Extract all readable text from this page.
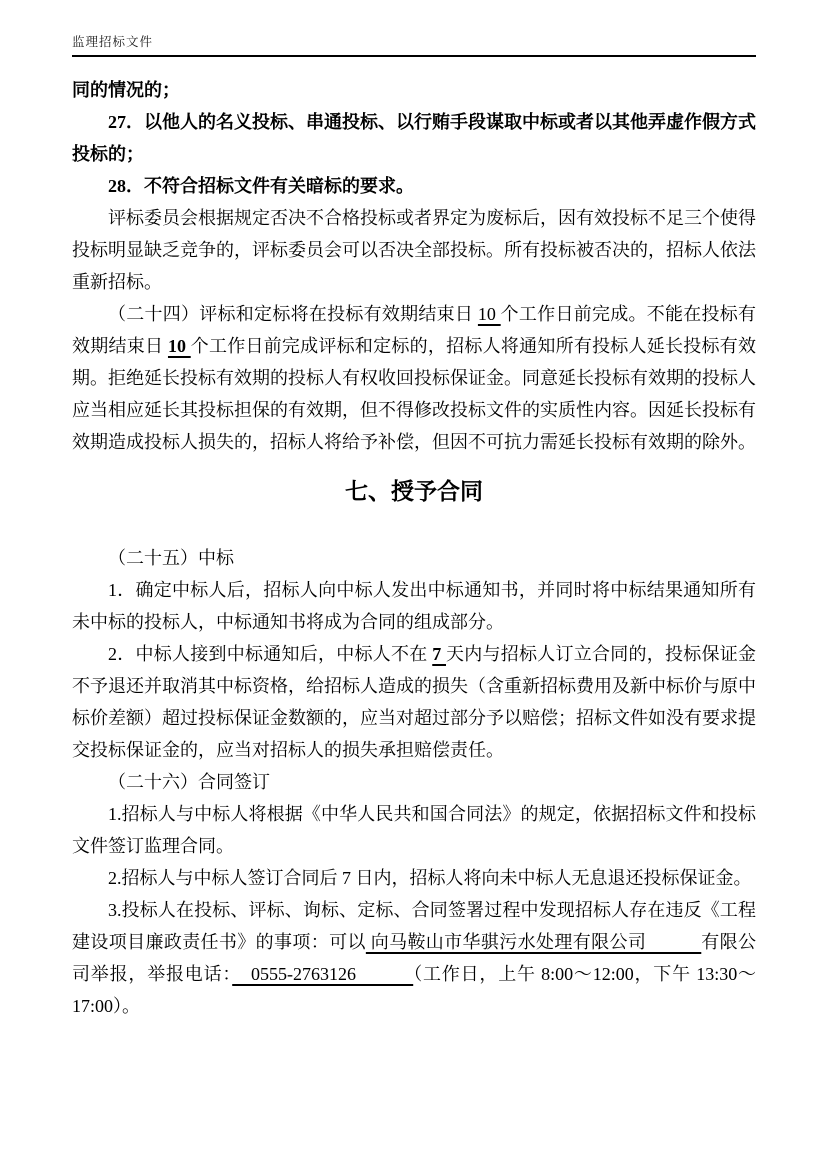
监理招标文件

同的情况的；

27．以他人的名义投标、串通投标、以行贿手段谋取中标或者以其他弄虚作假方式投标的；

28．不符合招标文件有关暗标的要求。

评标委员会根据规定否决不合格投标或者界定为废标后，因有效投标不足三个使得投标明显缺乏竞争的，评标委员会可以否决全部投标。所有投标被否决的，招标人依法重新招标。

（二十四）评标和定标将在投标有效期结束日 10 个工作日前完成。不能在投标有效期结束日 10 个工作日前完成评标和定标的，招标人将通知所有投标人延长投标有效期。拒绝延长投标有效期的投标人有权收回投标保证金。同意延长投标有效期的投标人应当相应延长其投标担保的有效期，但不得修改投标文件的实质性内容。因延长投标有效期造成投标人损失的，招标人将给予补偿，但因不可抗力需延长投标有效期的除外。

七、授予合同

（二十五）中标

1．确定中标人后，招标人向中标人发出中标通知书，并同时将中标结果通知所有未中标的投标人，中标通知书将成为合同的组成部分。

2．中标人接到中标通知后，中标人不在 7 天内与招标人订立合同的，投标保证金不予退还并取消其中标资格，给招标人造成的损失（含重新招标费用及新中标价与原中标价差额）超过投标保证金数额的，应当对超过部分予以赔偿；招标文件如没有要求提交投标保证金的，应当对招标人的损失承担赔偿责任。

（二十六）合同签订

1.招标人与中标人将根据《中华人民共和国合同法》的规定，依据招标文件和投标文件签订监理合同。

2.招标人与中标人签订合同后 7 日内，招标人将向未中标人无息退还投标保证金。

3.投标人在投标、评标、询标、定标、合同签署过程中发现招标人存在违反《工程建设项目廉政责任书》的事项：可以 向马鞍山市华骐污水处理有限公司　　　有限公司举报，举报电话：　0555-2763126　　　（工作日，上午 8:00～12:00，下午 13:30～17:00）。
